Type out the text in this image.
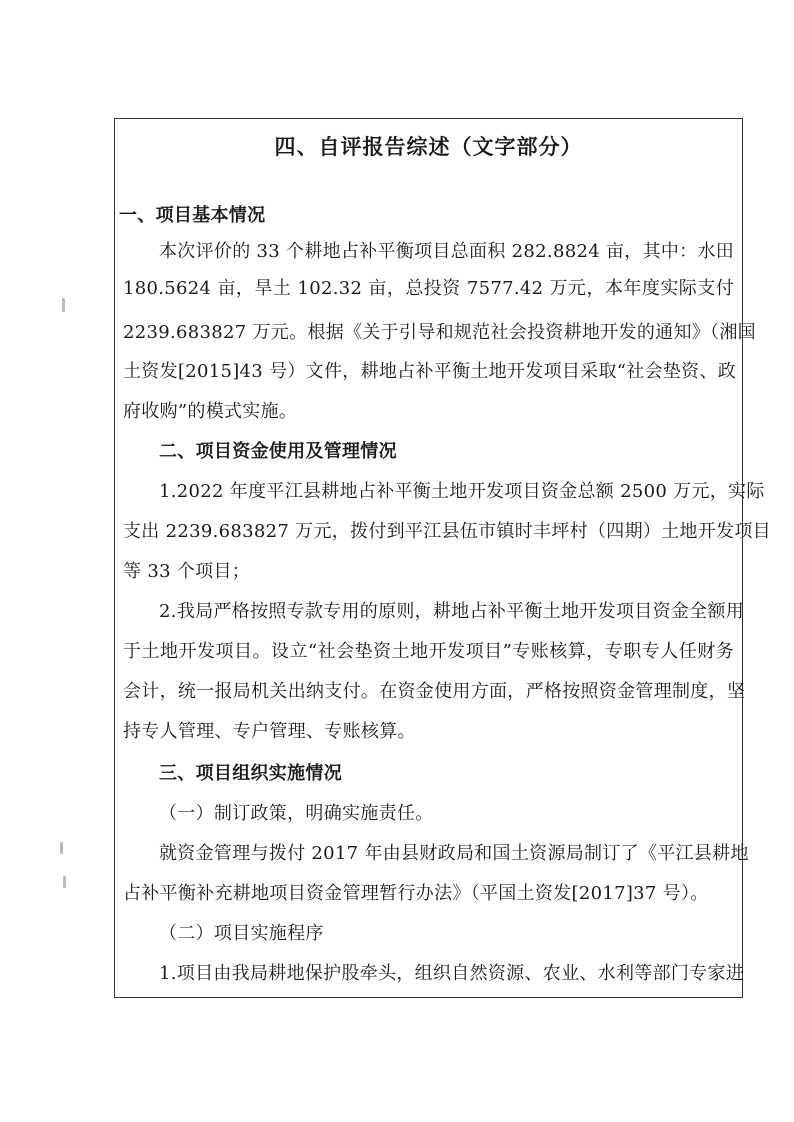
四、自评报告综述（文字部分）
一、项目基本情况
本次评价的 33 个耕地占补平衡项目总面积 282.8824 亩，其中：水田
180.5624 亩，旱土 102.32 亩，总投资 7577.42 万元，本年度实际支付
2239.683827 万元。根据《关于引导和规范社会投资耕地开发的通知》（湘国
土资发[2015]43 号）文件，耕地占补平衡土地开发项目采取“社会垫资、政
府收购”的模式实施。
二、项目资金使用及管理情况
1.2022 年度平江县耕地占补平衡土地开发项目资金总额 2500 万元，实际
支出 2239.683827 万元，拨付到平江县伍市镇时丰坪村（四期）土地开发项目
等 33 个项目；
2.我局严格按照专款专用的原则，耕地占补平衡土地开发项目资金全额用
于土地开发项目。设立“社会垫资土地开发项目”专账核算，专职专人任财务
会计，统一报局机关出纳支付。在资金使用方面，严格按照资金管理制度，坚
持专人管理、专户管理、专账核算。
三、项目组织实施情况
（一）制订政策，明确实施责任。
就资金管理与拨付 2017 年由县财政局和国土资源局制订了《平江县耕地
占补平衡补充耕地项目资金管理暂行办法》（平国土资发[2017]37 号）。
（二）项目实施程序
1.项目由我局耕地保护股牵头，组织自然资源、农业、水利等部门专家进
